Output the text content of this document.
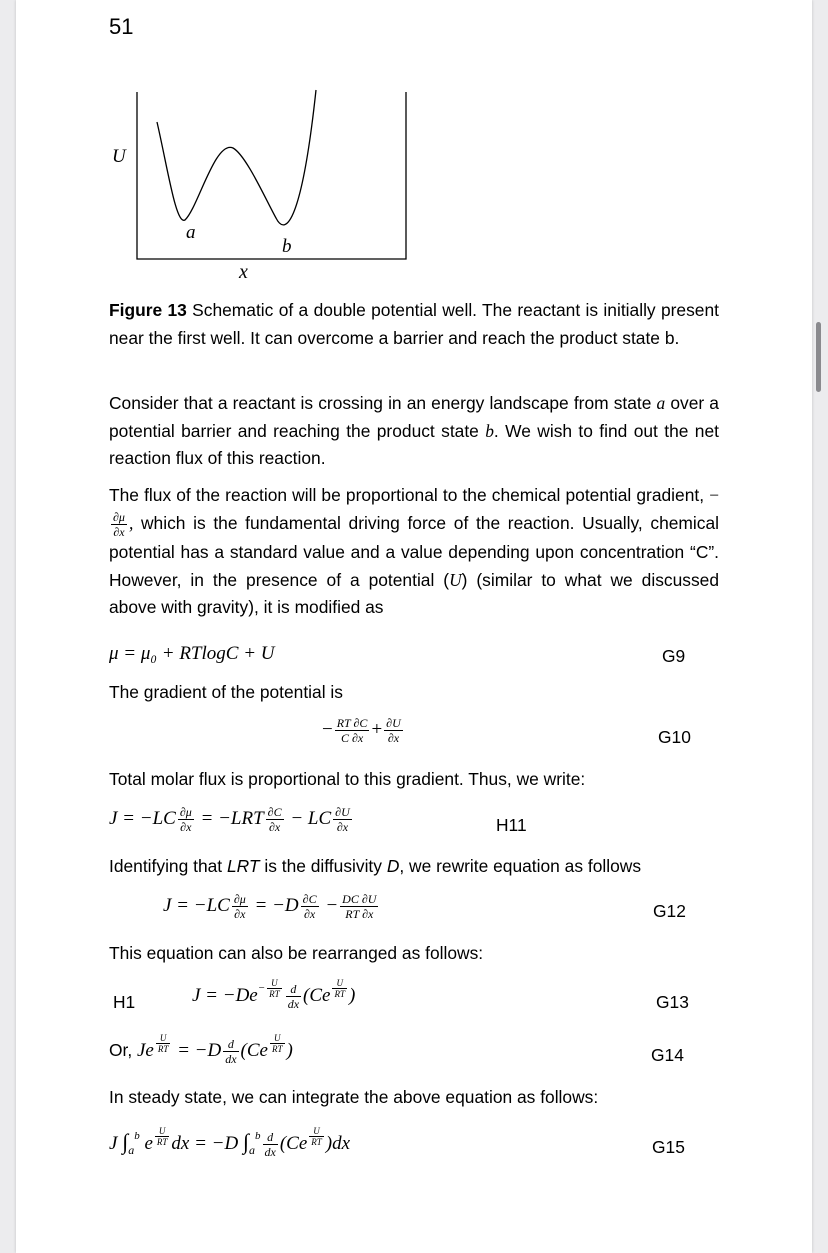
51
U
a
b
x
Figure 13 Schematic of a double potential well. The reactant is initially present near the first well. It can overcome a barrier and reach the product state b.
Consider that a reactant is crossing in an energy landscape from state a over a potential barrier and reaching the product state b. We wish to find out the net reaction flux of this reaction.
The flux of the reaction will be proportional to the chemical potential gradient, −
$\frac{\partial\mu}{\partial x}$ , which is the fundamental driving force of the reaction. Usually, chemical potential has a standard value and a value depending upon concentration “C”. However, in the presence of a potential (U) (similar to what we discussed above with gravity), it is modified as
μ = μ₀ + RTlogC + U	G9
The gradient of the potential is
− $\frac{RT \partial C}{C \partial x} + \frac{\partial U}{\partial x}$	G10
Total molar flux is proportional to this gradient. Thus, we write:
$J = -LC \frac{\partial\mu}{\partial x} = -LRT \frac{\partial C}{\partial x}$ − LC $\frac{\partial U}{\partial x}$	H11
Identifying that LRT is the diffusivity D, we rewrite equation as follows
$J = -LC \frac{\partial\mu}{\partial x} = -D \frac{\partial C}{\partial x} - \frac{DC \partial U}{RT \partial x}$	G12
This equation can also be rearranged as follows:
H1	$J = -De^{- \frac{U}{RT}} \frac{d}{dx} (Ce$ $^{\frac{U}{RT}}$ )	G13
Or, Je $^{\frac{U}{RT}} = -D \frac{d}{dx} (Ce$ $^{\frac{U}{RT}}$ )	G14
In steady state, we can integrate the above equation as follows:
J $\int_a^b$ e $^{\frac{U}{RT}}$ dx = −D $\int_a^b \frac{d}{dx} (Ce$ $^{\frac{U}{RT}}$ )dx	G15
